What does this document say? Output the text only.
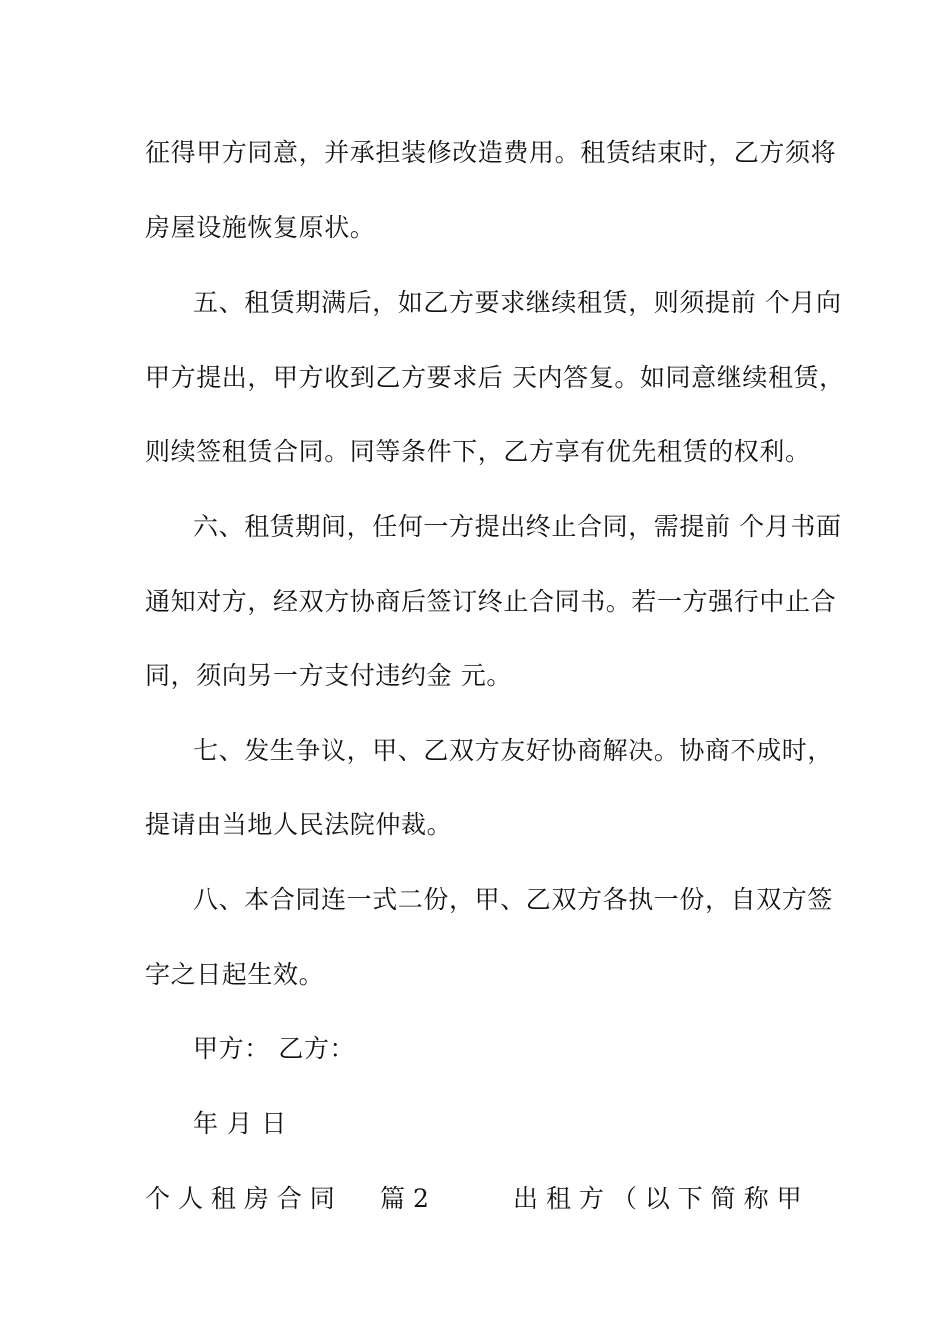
征得甲方同意，并承担装修改造费用。租赁结束时，乙方须将
房屋设施恢复原状。
五、租赁期满后，如乙方要求继续租赁，则须提前 个月向
甲方提出，甲方收到乙方要求后 天内答复。如同意继续租赁，
则续签租赁合同。同等条件下，乙方享有优先租赁的权利。
六、租赁期间，任何一方提出终止合同，需提前 个月书面
通知对方，经双方协商后签订终止合同书。若一方强行中止合
同，须向另一方支付违约金 元。
七、发生争议，甲、乙双方友好协商解决。协商不成时，
提请由当地人民法院仲裁。
八、本合同连一式二份，甲、乙双方各执一份，自双方签
字之日起生效。
甲方： 乙方：
年 月 日
个 人 租 房 合 同 篇 2	出 租 方 （ 以 下 简 称 甲
